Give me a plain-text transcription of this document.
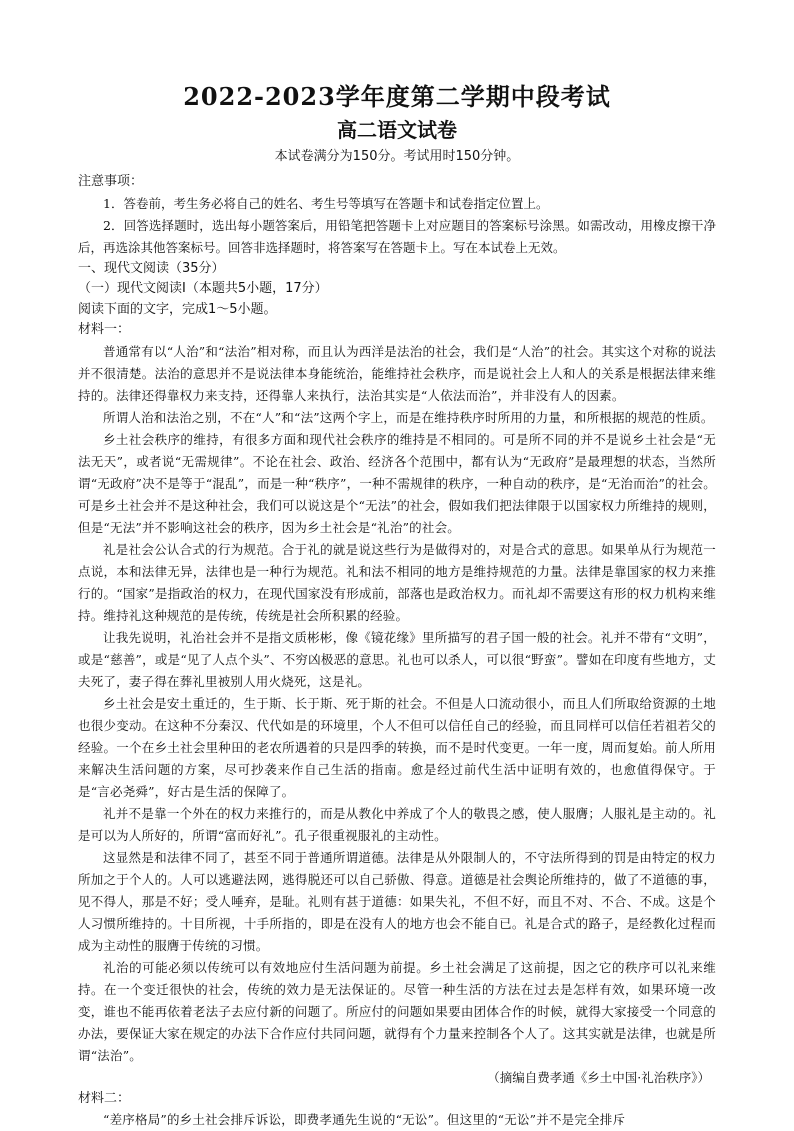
2022-2023学年度第二学期中段考试
高二语文试卷

本试卷满分为150分。考试用时150分钟。

注意事项：

1．答卷前，考生务必将自己的姓名、考生号等填写在答题卡和试卷指定位置上。

2．回答选择题时，选出每小题答案后，用铅笔把答题卡上对应题目的答案标号涂黑。如需改动，用橡皮擦干净后，再选涂其他答案标号。回答非选择题时，将答案写在答题卡上。写在本试卷上无效。

一、现代文阅读（35分）

（一）现代文阅读Ⅰ（本题共5小题，17分）

阅读下面的文字，完成1～5小题。

材料一：

普通常有以“人治”和“法治”相对称，而且认为西洋是法治的社会，我们是“人治”的社会。其实这个对称的说法并不很清楚。法治的意思并不是说法律本身能统治，能维持社会秩序，而是说社会上人和人的关系是根据法律来维持的。法律还得靠权力来支持，还得靠人来执行，法治其实是“人依法而治”，并非没有人的因素。

所谓人治和法治之别，不在“人”和“法”这两个字上，而是在维持秩序时所用的力量，和所根据的规范的性质。

乡土社会秩序的维持，有很多方面和现代社会秩序的维持是不相同的。可是所不同的并不是说乡土社会是“无法无天”，或者说“无需规律”。不论在社会、政治、经济各个范围中，都有认为“无政府”是最理想的状态，当然所谓“无政府”决不是等于“混乱”，而是一种“秩序”，一种不需规律的秩序，一种自动的秩序，是“无治而治”的社会。可是乡土社会并不是这种社会，我们可以说这是个“无法”的社会，假如我们把法律限于以国家权力所维持的规则，但是“无法”并不影响这社会的秩序，因为乡土社会是“礼治”的社会。

礼是社会公认合式的行为规范。合于礼的就是说这些行为是做得对的，对是合式的意思。如果单从行为规范一点说，本和法律无异，法律也是一种行为规范。礼和法不相同的地方是维持规范的力量。法律是靠国家的权力来推行的。“国家”是指政治的权力，在现代国家没有形成前，部落也是政治权力。而礼却不需要这有形的权力机构来维持。维持礼这种规范的是传统，传统是社会所积累的经验。

让我先说明，礼治社会并不是指文质彬彬，像《镜花缘》里所描写的君子国一般的社会。礼并不带有“文明”，或是“慈善”，或是“见了人点个头”、不穷凶极恶的意思。礼也可以杀人，可以很“野蛮”。譬如在印度有些地方，丈夫死了，妻子得在葬礼里被别人用火烧死，这是礼。

乡土社会是安土重迁的，生于斯、长于斯、死于斯的社会。不但是人口流动很小，而且人们所取给资源的土地也很少变动。在这种不分秦汉、代代如是的环境里，个人不但可以信任自己的经验，而且同样可以信任若祖若父的经验。一个在乡土社会里种田的老农所遇着的只是四季的转换，而不是时代变更。一年一度，周而复始。前人所用来解决生活问题的方案，尽可抄袭来作自己生活的指南。愈是经过前代生活中证明有效的，也愈值得保守。于是“言必尧舜”，好古是生活的保障了。

礼并不是靠一个外在的权力来推行的，而是从教化中养成了个人的敬畏之感，使人服膺；人服礼是主动的。礼是可以为人所好的，所谓“富而好礼”。孔子很重视服礼的主动性。

这显然是和法律不同了，甚至不同于普通所谓道德。法律是从外限制人的，不守法所得到的罚是由特定的权力所加之于个人的。人可以逃避法网，逃得脱还可以自己骄傲、得意。道德是社会舆论所维持的，做了不道德的事，见不得人，那是不好；受人唾弃，是耻。礼则有甚于道德：如果失礼，不但不好，而且不对、不合、不成。这是个人习惯所维持的。十目所视，十手所指的，即是在没有人的地方也会不能自已。礼是合式的路子，是经教化过程而成为主动性的服膺于传统的习惯。

礼治的可能必须以传统可以有效地应付生活问题为前提。乡土社会满足了这前提，因之它的秩序可以礼来维持。在一个变迁很快的社会，传统的效力是无法保证的。尽管一种生活的方法在过去是怎样有效，如果环境一改变，谁也不能再依着老法子去应付新的问题了。所应付的问题如果要由团体合作的时候，就得大家接受一个同意的办法，要保证大家在规定的办法下合作应付共同问题，就得有个力量来控制各个人了。这其实就是法律，也就是所谓“法治”。

（摘编自费孝通《乡土中国·礼治秩序》）

材料二：

“差序格局”的乡土社会排斥诉讼，即费孝通先生说的“无讼”。但这里的“无讼”并不是完全排斥
